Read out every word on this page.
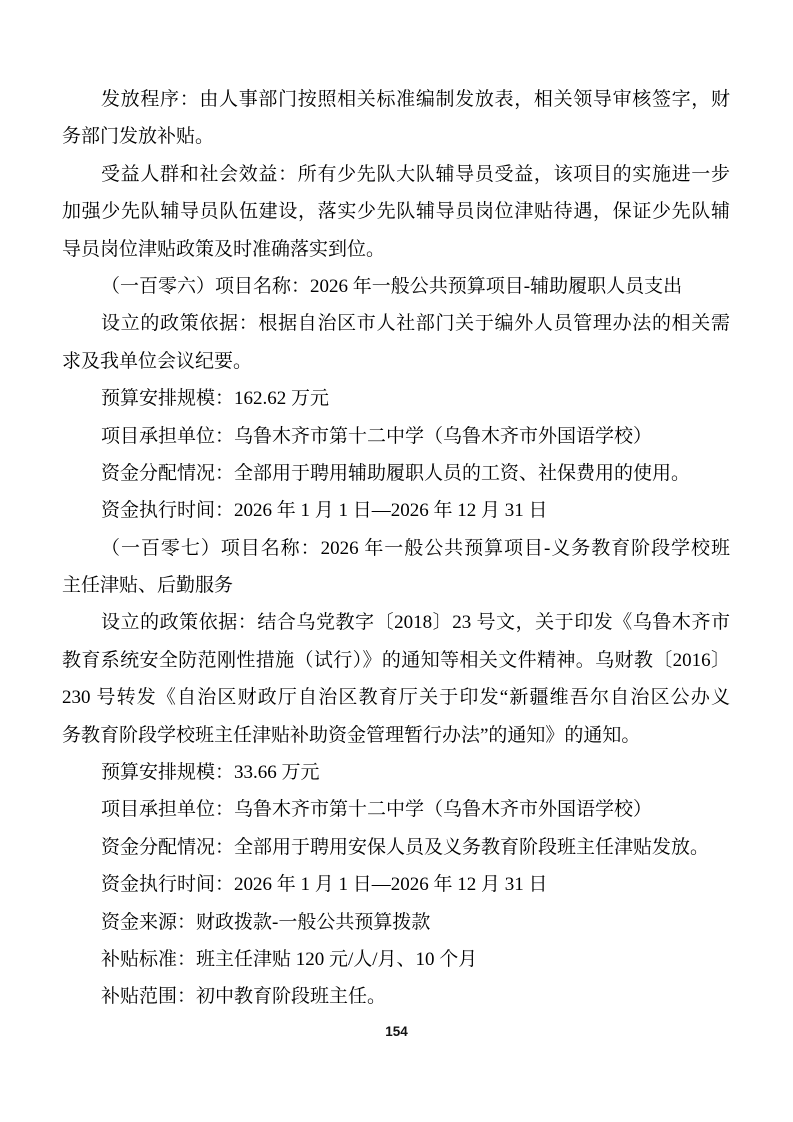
发放程序：由人事部门按照相关标准编制发放表，相关领导审核签字，财
务部门发放补贴。
受益人群和社会效益：所有少先队大队辅导员受益，该项目的实施进一步
加强少先队辅导员队伍建设，落实少先队辅导员岗位津贴待遇，保证少先队辅
导员岗位津贴政策及时准确落实到位。
（一百零六）项目名称：2026 年一般公共预算项目-辅助履职人员支出
设立的政策依据：根据自治区市人社部门关于编外人员管理办法的相关需
求及我单位会议纪要。
预算安排规模：162.62 万元
项目承担单位：乌鲁木齐市第十二中学（乌鲁木齐市外国语学校）
资金分配情况：全部用于聘用辅助履职人员的工资、社保费用的使用。
资金执行时间：2026 年 1 月 1 日—2026 年 12 月 31 日
（一百零七）项目名称：2026 年一般公共预算项目-义务教育阶段学校班
主任津贴、后勤服务
设立的政策依据：结合乌党教字〔2018〕23 号文，关于印发《乌鲁木齐市
教育系统安全防范刚性措施（试行）》的通知等相关文件精神。乌财教〔2016〕
230 号转发《自治区财政厅自治区教育厅关于印发“新疆维吾尔自治区公办义
务教育阶段学校班主任津贴补助资金管理暂行办法”的通知》的通知。
预算安排规模：33.66 万元
项目承担单位：乌鲁木齐市第十二中学（乌鲁木齐市外国语学校）
资金分配情况：全部用于聘用安保人员及义务教育阶段班主任津贴发放。
资金执行时间：2026 年 1 月 1 日—2026 年 12 月 31 日
资金来源：财政拨款-一般公共预算拨款
补贴标准：班主任津贴 120 元/人/月、10 个月
补贴范围：初中教育阶段班主任。
154
